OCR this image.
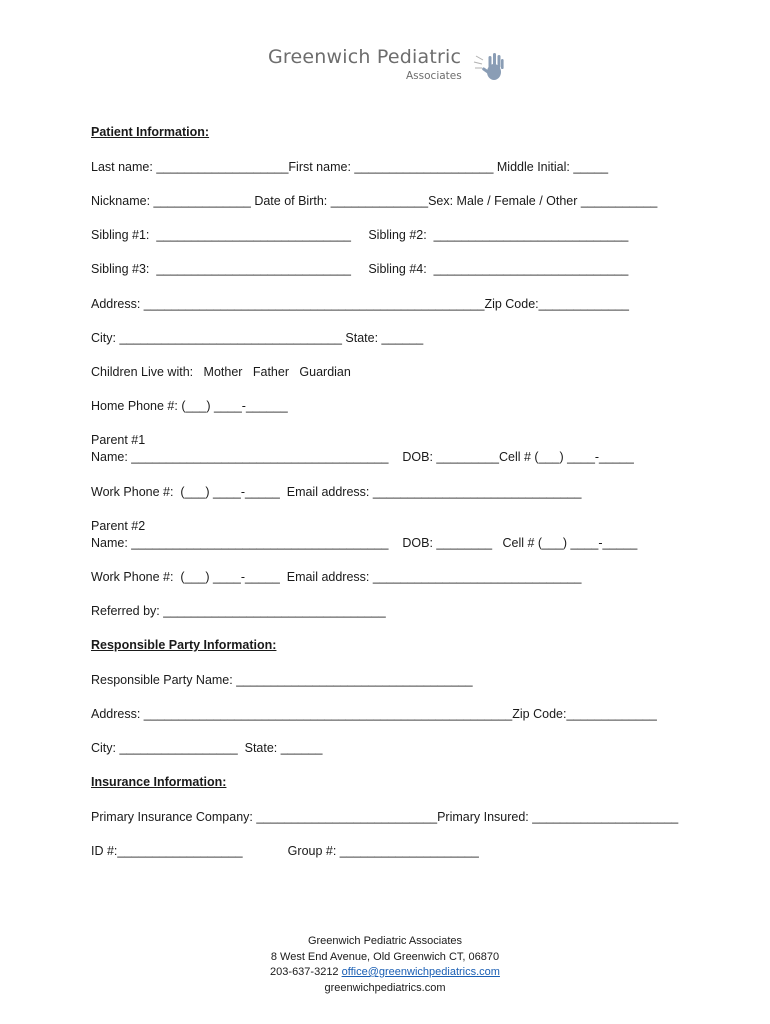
Greenwich Pediatric
Associates
Patient Information:
Last name: ___________________First name: ____________________ Middle Initial: _____
Nickname: ______________ Date of Birth: ______________Sex: Male / Female / Other ___________
Sibling #1:  ____________________________     Sibling #2:  ____________________________
Sibling #3:  ____________________________     Sibling #4:  ____________________________
Address: _________________________________________________Zip Code:_____________
City: ________________________________ State: ______
Children Live with:   Mother   Father   Guardian
Home Phone #: (___) ____-______
Parent #1
Name: _____________________________________    DOB: _________Cell # (___) ____-_____
Work Phone #:  (___) ____-_____  Email address: ______________________________
Parent #2
Name: _____________________________________    DOB: ________   Cell # (___) ____-_____
Work Phone #:  (___) ____-_____  Email address: ______________________________
Referred by: ________________________________
Responsible Party Information:
Responsible Party Name: __________________________________
Address: _____________________________________________________Zip Code:_____________
City: _________________  State: ______
Insurance Information:
Primary Insurance Company: __________________________Primary Insured: _____________________
ID #:__________________             Group #: ____________________
Greenwich Pediatric Associates
8 West End Avenue, Old Greenwich CT, 06870
203-637-3212 office@greenwichpediatrics.com
greenwichpediatrics.com
